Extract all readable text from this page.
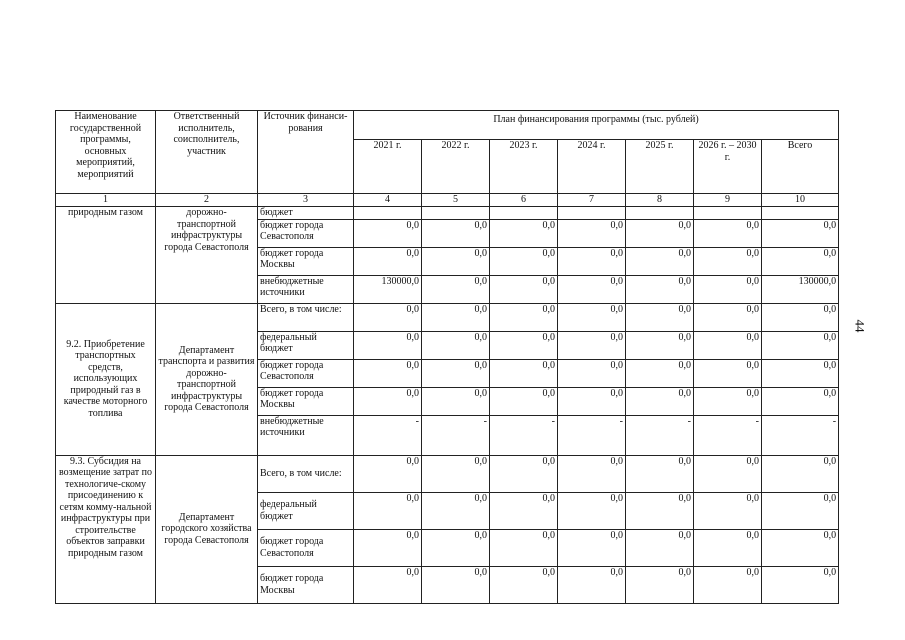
Наименование государственной программы, основных мероприятий, мероприятий	Ответственный исполнитель, соисполнитель, участник	Источник финанси-рования	План финансирования программы (тыс. рублей)						
			2021 г.	2022 г.	2023 г.	2024 г.	2025 г.	2026 г. – 2030 г.	Всего
1	2	3	4	5	6	7	8	9	10
природным газом	дорожно-транспортной инфраструктуры города Севастополя	бюджет							
		бюджет города Севастополя	0,0	0,0	0,0	0,0	0,0	0,0	0,0
		бюджет города Москвы	0,0	0,0	0,0	0,0	0,0	0,0	0,0
		внебюджетные источники	130000,0	0,0	0,0	0,0	0,0	0,0	130000,0
9.2. Приобретение транспортных средств, использующих природный газ в качестве моторного топлива	Департамент транспорта и развития дорожно-транспортной инфраструктуры города Севастополя	Всего, в том числе:	0,0	0,0	0,0	0,0	0,0	0,0	0,0
		федеральный бюджет	0,0	0,0	0,0	0,0	0,0	0,0	0,0
		бюджет города Севастополя	0,0	0,0	0,0	0,0	0,0	0,0	0,0
		бюджет города Москвы	0,0	0,0	0,0	0,0	0,0	0,0	0,0
		внебюджетные источники	-	-	-	-	-	-	-
9.3. Субсидия на возмещение затрат по технологиче-скому присоединению к сетям комму-нальной инфраструктуры при строительстве объектов заправки природным газом	Департамент городского хозяйства города Севастополя	Всего, в том числе:	0,0	0,0	0,0	0,0	0,0	0,0	0,0
		федеральный бюджет	0,0	0,0	0,0	0,0	0,0	0,0	0,0
		бюджет города Севастополя	0,0	0,0	0,0	0,0	0,0	0,0	0,0
		бюджет города Москвы	0,0	0,0	0,0	0,0	0,0	0,0	0,0
44
